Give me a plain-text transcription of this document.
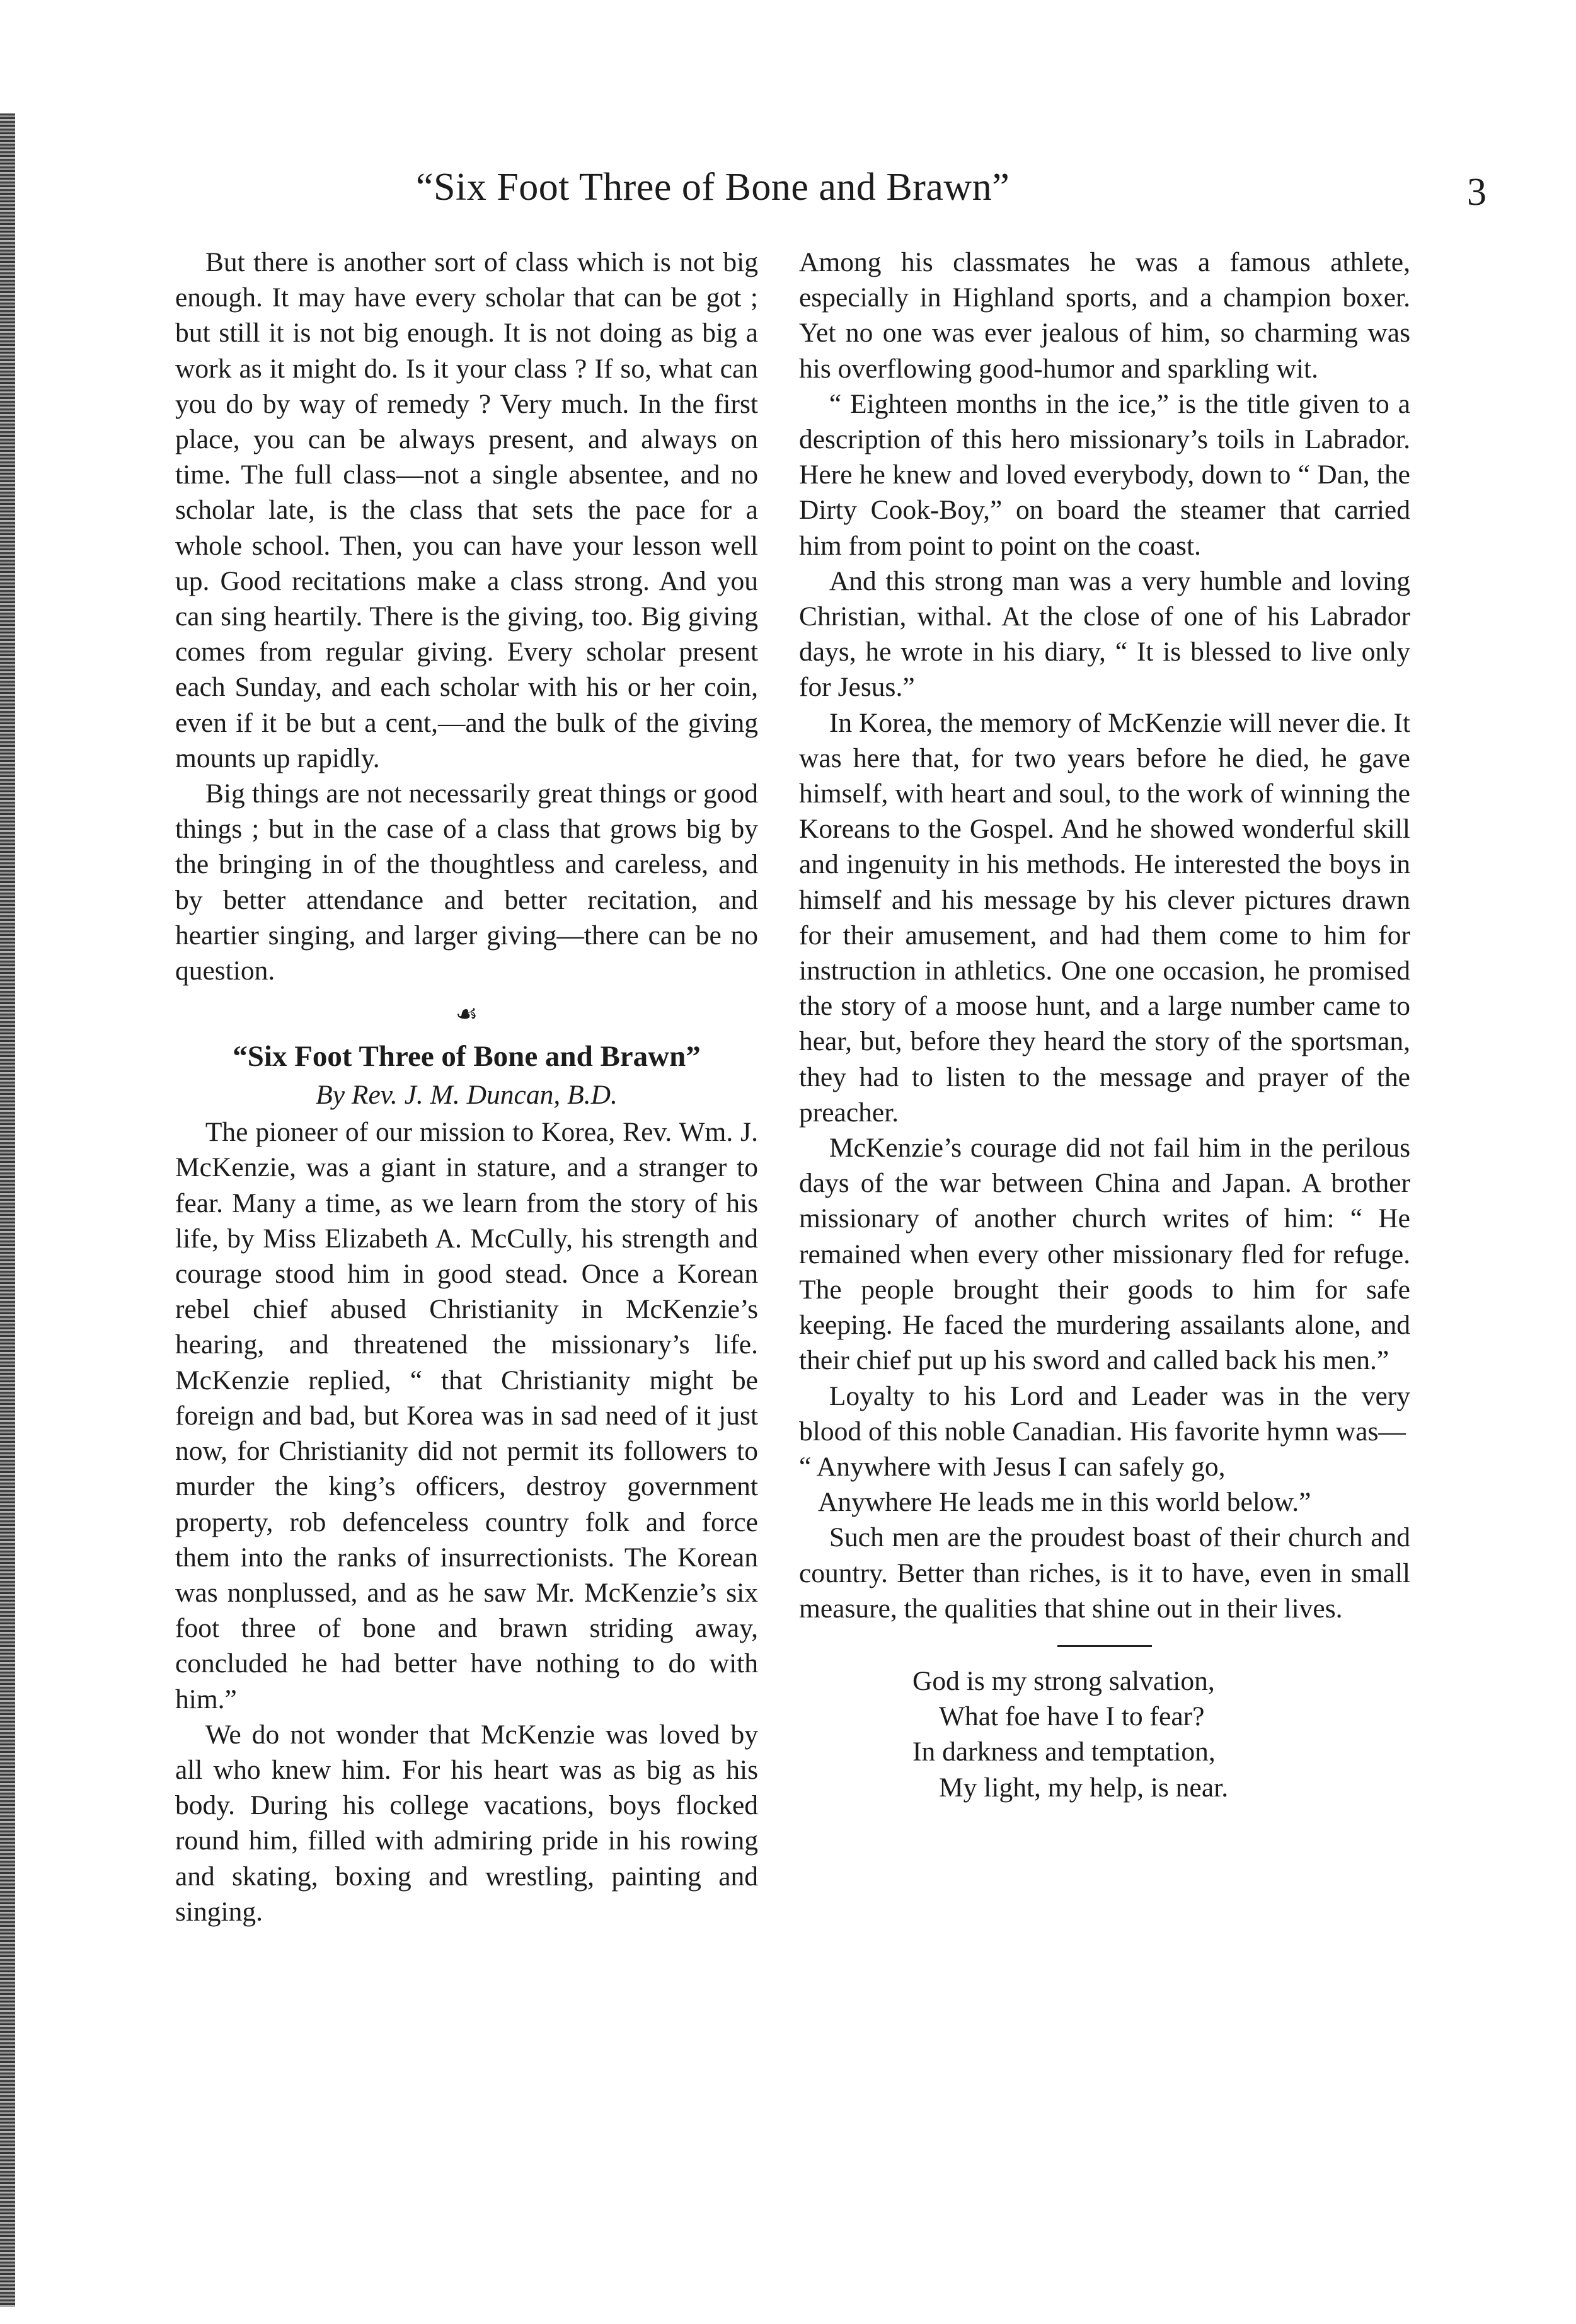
“Six Foot Three of Bone and Brawn”	3

But there is another sort of class which is not big enough. It may have every scholar that can be got ; but still it is not big enough. It is not doing as big a work as it might do. Is it your class ? If so, what can you do by way of remedy ? Very much. In the first place, you can be always present, and always on time. The full class—not a single absentee, and no scholar late, is the class that sets the pace for a whole school. Then, you can have your lesson well up. Good recitations make a class strong. And you can sing heartily. There is the giving, too. Big giving comes from regular giving. Every scholar present each Sunday, and each scholar with his or her coin, even if it be but a cent,—and the bulk of the giving mounts up rapidly.

Big things are not necessarily great things or good things ; but in the case of a class that grows big by the bringing in of the thoughtless and careless, and by better attendance and better recitation, and heartier singing, and larger giving—there can be no question.

☙
“Six Foot Three of Bone and Brawn”
By Rev. J. M. Duncan, B.D.

The pioneer of our mission to Korea, Rev. Wm. J. McKenzie, was a giant in stature, and a stranger to fear. Many a time, as we learn from the story of his life, by Miss Elizabeth A. McCully, his strength and courage stood him in good stead. Once a Korean rebel chief abused Christianity in McKenzie’s hearing, and threatened the missionary’s life. McKenzie replied, “ that Christianity might be foreign and bad, but Korea was in sad need of it just now, for Christianity did not permit its followers to murder the king’s officers, destroy government property, rob defenceless country folk and force them into the ranks of insurrectionists. The Korean was nonplussed, and as he saw Mr. McKenzie’s six foot three of bone and brawn striding away, concluded he had better have nothing to do with him.”

We do not wonder that McKenzie was loved by all who knew him. For his heart was as big as his body. During his college vacations, boys flocked round him, filled with admiring pride in his rowing and skating, boxing and wrestling, painting and singing.

Among his classmates he was a famous athlete, especially in Highland sports, and a champion boxer. Yet no one was ever jealous of him, so charming was his overflowing good-humor and sparkling wit.

“ Eighteen months in the ice,” is the title given to a description of this hero missionary’s toils in Labrador. Here he knew and loved everybody, down to “ Dan, the Dirty Cook-Boy,” on board the steamer that carried him from point to point on the coast.

And this strong man was a very humble and loving Christian, withal. At the close of one of his Labrador days, he wrote in his diary, “ It is blessed to live only for Jesus.”

In Korea, the memory of McKenzie will never die. It was here that, for two years before he died, he gave himself, with heart and soul, to the work of winning the Koreans to the Gospel. And he showed wonderful skill and ingenuity in his methods. He interested the boys in himself and his message by his clever pictures drawn for their amusement, and had them come to him for instruction in athletics. One one occasion, he promised the story of a moose hunt, and a large number came to hear, but, before they heard the story of the sportsman, they had to listen to the message and prayer of the preacher.

McKenzie’s courage did not fail him in the perilous days of the war between China and Japan. A brother missionary of another church writes of him: “ He remained when every other missionary fled for refuge. The people brought their goods to him for safe keeping. He faced the murdering assailants alone, and their chief put up his sword and called back his men.”

Loyalty to his Lord and Leader was in the very blood of this noble Canadian. His favorite hymn was—

“ Anywhere with Jesus I can safely go,
Anywhere He leads me in this world below.”

Such men are the proudest boast of their church and country. Better than riches, is it to have, even in small measure, the qualities that shine out in their lives.

God is my strong salvation,
What foe have I to fear?
In darkness and temptation,
My light, my help, is near.
